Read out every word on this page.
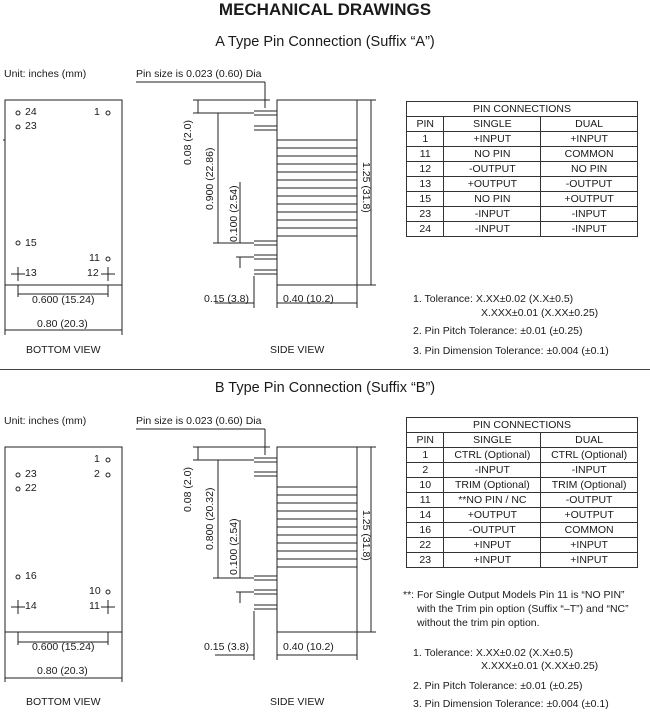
MECHANICAL DRAWINGS
A Type Pin Connection (Suffix “A”)
Unit: inches (mm)	Pin size is 0.023 (0.60) Dia
24
23
1
15
11
13	12
0.600 (15.24)
0.80 (20.3)
BOTTOM VIEW	SIDE VIEW
0.15 (3.8)	0.40 (10.2)
0.08 (2.0)
0.900 (22.86)
0.100 (2.54)	1.25 (31.8)
PIN CONNECTIONS		
PIN	SINGLE	DUAL
1	+INPUT	+INPUT
11	NO PIN	COMMON
12	-OUTPUT	NO PIN
13	+OUTPUT	-OUTPUT
15	NO PIN	+OUTPUT
23	-INPUT	-INPUT
24	-INPUT	-INPUT
1. Tolerance: X.XX±0.02 (X.X±0.5)
X.XXX±0.01 (X.XX±0.25)
2. Pin Pitch Tolerance: ±0.01 (±0.25)
3. Pin Dimension Tolerance: ±0.004 (±0.1)
B Type Pin Connection (Suffix “B”)
Unit: inches (mm)	Pin size is 0.023 (0.60) Dia
23
22
1
2
16
10
14	11
0.600 (15.24)
0.80 (20.3)
BOTTOM VIEW	SIDE VIEW
0.15 (3.8)	0.40 (10.2)
0.08 (2.0) 0.800 (20.32) 0.100 (2.54)	1.25 (31.8)
PIN CONNECTIONS		
PIN	SINGLE	DUAL
1	CTRL (Optional)	CTRL (Optional)
2	-INPUT	-INPUT
10	TRIM (Optional)	TRIM (Optional)
11	**NO PIN / NC	-OUTPUT
14	+OUTPUT	+OUTPUT
16	-OUTPUT	COMMON
22	+INPUT	+INPUT
23	+INPUT	+INPUT
**: For Single Output Models Pin 11 is “NO PIN”
with the Trim pin option (Suffix “–T”) and “NC”
without the trim pin option.
1. Tolerance: X.XX±0.02 (X.X±0.5)
X.XXX±0.01 (X.XX±0.25)
2. Pin Pitch Tolerance: ±0.01 (±0.25)
3. Pin Dimension Tolerance: ±0.004 (±0.1)
